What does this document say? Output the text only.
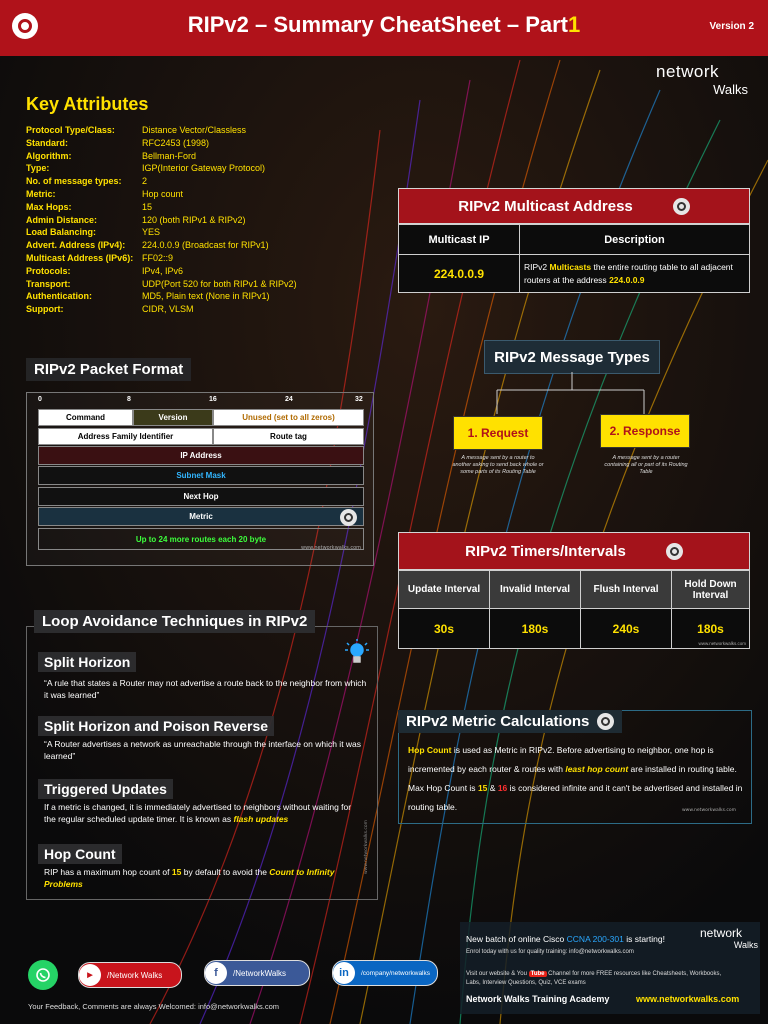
RIPv2 – Summary CheatSheet – Part1	Version 2
network
Walks
Key Attributes
Protocol Type/Class:	Distance Vector/Classless
Standard:	RFC2453 (1998)
Algorithm:	Bellman-Ford
Type:	IGP(Interior Gateway Protocol)
No. of message types:	2
Metric:	Hop count
Max Hops:	15
Admin Distance:	120 (both RIPv1 & RIPv2)
Load Balancing:	YES
Advert. Address (IPv4):	224.0.0.9 (Broadcast for RIPv1)
Multicast Address (IPv6): FF02::9
Protocols:	IPv4, IPv6
Transport:	UDP(Port 520 for both RIPv1 & RIPv2)
Authentication:	MD5, Plain text (None in RIPv1)
Support:	CIDR, VLSM
RIPv2 Packet Format
0	8	16	24	32
Command	Version	Unused (set to all zeros)
Address Family Identifier	Route tag
IP Address
Subnet Mask
Next Hop
Metric
Up to 24 more routes each 20 byte
www.networkwalks.com
Loop Avoidance Techniques in RIPv2
Split Horizon
“A rule that states a Router may not advertise a route back to the neighbor from which it was learned”
Split Horizon and Poison Reverse
“A Router advertises a network as unreachable through the interface on which it was learned”
Triggered Updates
If a metric is changed, it is immediately advertised to neighbors without waiting for the regular scheduled update timer. It is known as flash updates
Hop Count
RIP has a maximum hop count of 15 by default to avoid the Count to Infinity Problems
www.networkwalks.com
RIPv2 Multicast Address
Multicast IP	Description
224.0.0.9	RIPv2 Multicasts the entire routing table to all adjacent routers at the address 224.0.0.9
RIPv2 Message Types
1. Request	2. Response
A message sent by a router to another asking to send back whole or some parts of its Routing Table
A message sent by a router containing all or part of its Routing Table
RIPv2 Timers/Intervals
Update Interval	Invalid Interval	Flush Interval	Hold Down Interval
30s	180s	240s	180s
www.networkwalks.com
RIPv2 Metric Calculations
Hop Count is used as Metric in RIPv2. Before advertising to neighbor, one hop is incremented by each router & routes with least hop count are installed in routing table. Max Hop Count is 15 & 16 is considered infinite and it can't be advertised and installed in routing table.	www.networkwalks.com
▶	/Network Walks	f	/NetworkWalks	in	/company/networkwalks
Your Feedback, Comments are always Welcomed: info@networkwalks.com
New batch of online Cisco CCNA 200-301 is starting!
Enrol today with us for quality training: info@networkwalks.com
Visit our website & You Tube Channel for more FREE resources like Cheatsheets, Workbooks, Labs, Interview Questions, Quiz, VCE exams
Network Walks Training Academy	www.networkwalks.com
network
Walks
